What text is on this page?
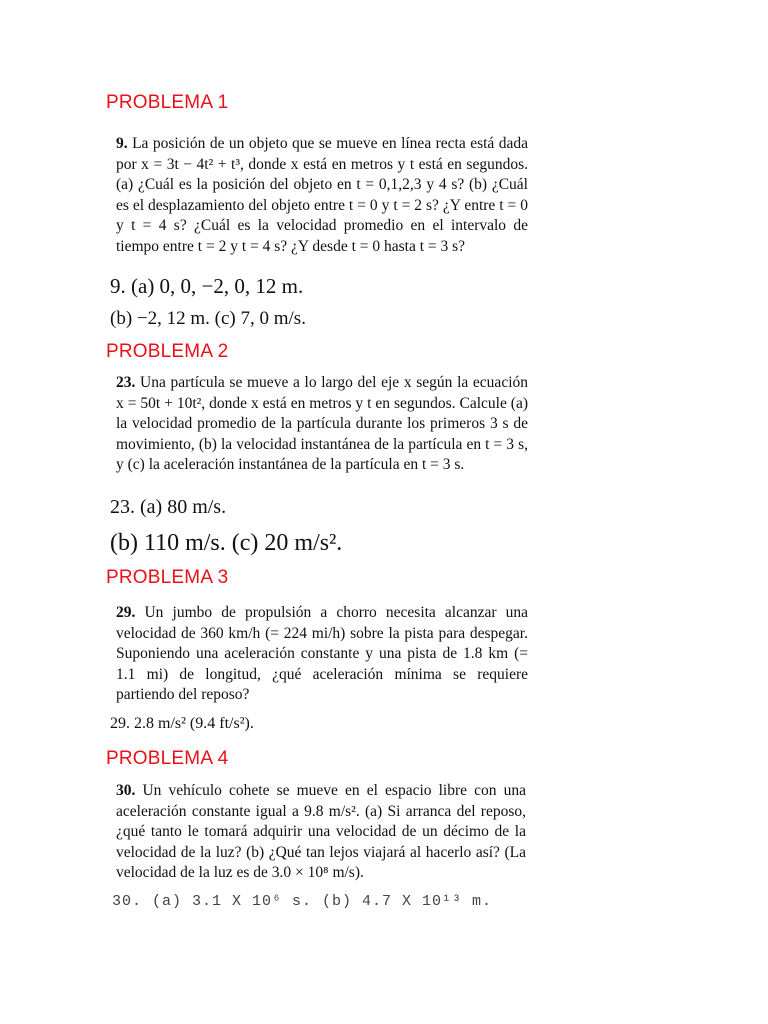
PROBLEMA 1
9. La posición de un objeto que se mueve en línea recta está dada por x = 3t − 4t² + t³, donde x está en metros y t está en segundos. (a) ¿Cuál es la posición del objeto en t = 0,1,2,3 y 4 s? (b) ¿Cuál es el desplazamiento del objeto entre t = 0 y t = 2 s? ¿Y entre t = 0 y t = 4 s? ¿Cuál es la velocidad promedio en el intervalo de tiempo entre t = 2 y t = 4 s? ¿Y desde t = 0 hasta t = 3 s?
9. (a) 0, 0, −2, 0, 12 m.
(b) −2, 12 m. (c) 7, 0 m/s.
PROBLEMA 2
23. Una partícula se mueve a lo largo del eje x según la ecuación x = 50t + 10t², donde x está en metros y t en segundos. Calcule (a) la velocidad promedio de la partícula durante los primeros 3 s de movimiento, (b) la velocidad instantánea de la partícula en t = 3 s, y (c) la aceleración instantánea de la partícula en t = 3 s.
23. (a) 80 m/s.
(b) 110 m/s. (c) 20 m/s².
PROBLEMA 3
29. Un jumbo de propulsión a chorro necesita alcanzar una velocidad de 360 km/h (= 224 mi/h) sobre la pista para despegar. Suponiendo una aceleración constante y una pista de 1.8 km (= 1.1 mi) de longitud, ¿qué aceleración mínima se requiere partiendo del reposo?
29. 2.8 m/s² (9.4 ft/s²).
PROBLEMA 4
30. Un vehículo cohete se mueve en el espacio libre con una aceleración constante igual a 9.8 m/s². (a) Si arranca del reposo, ¿qué tanto le tomará adquirir una velocidad de un décimo de la velocidad de la luz? (b) ¿Qué tan lejos viajará al hacerlo así? (La velocidad de la luz es de 3.0 × 10⁸ m/s).
30. (a) 3.1 X 10⁶ s. (b) 4.7 X 10¹³ m.
